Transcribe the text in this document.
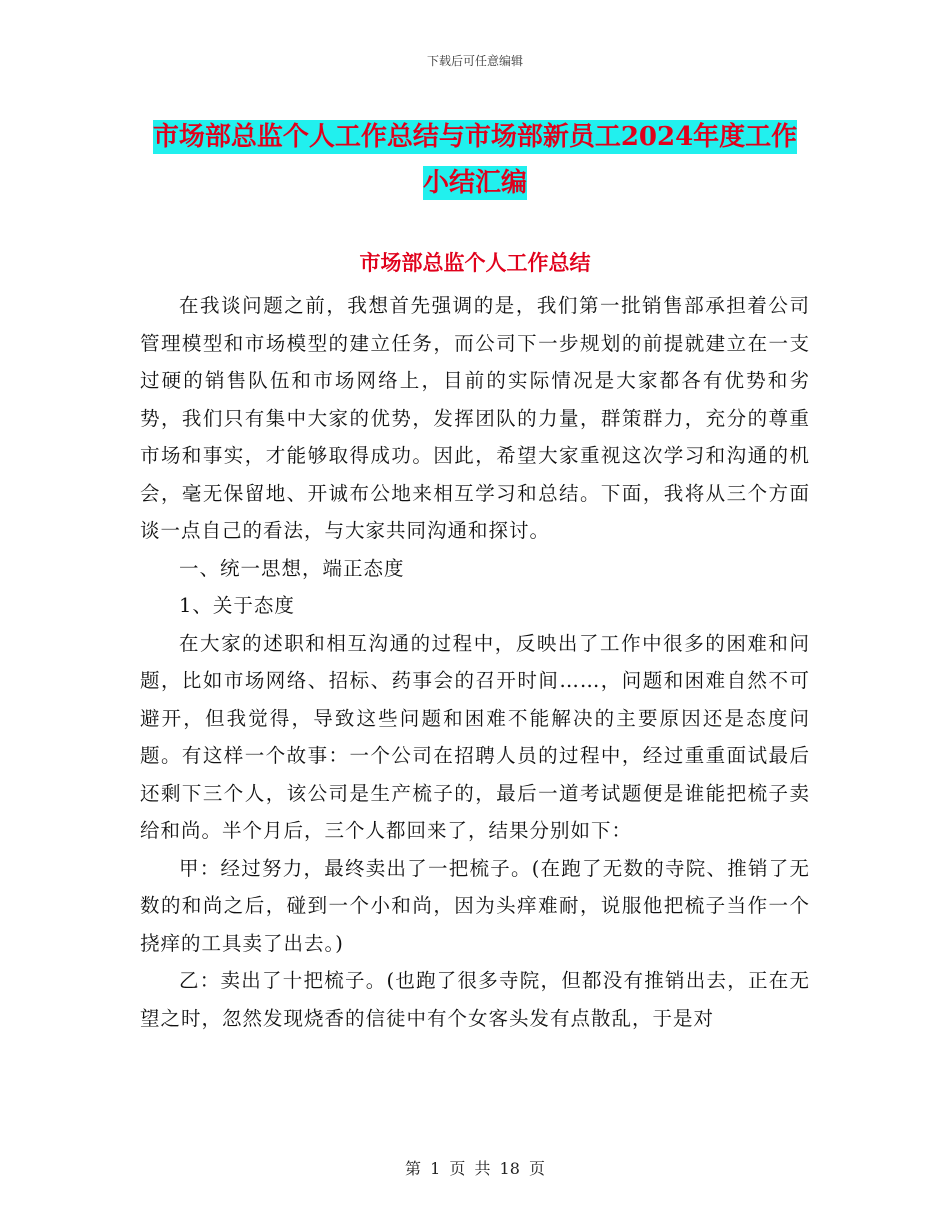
下载后可任意编辑
市场部总监个人工作总结与市场部新员工2024年度工作小结汇编
市场部总监个人工作总结

在我谈问题之前，我想首先强调的是，我们第一批销售部承担着公司管理模型和市场模型的建立任务，而公司下一步规划的前提就建立在一支过硬的销售队伍和市场网络上，目前的实际情况是大家都各有优势和劣势，我们只有集中大家的优势，发挥团队的力量，群策群力，充分的尊重市场和事实，才能够取得成功。因此，希望大家重视这次学习和沟通的机会，毫无保留地、开诚布公地来相互学习和总结。下面，我将从三个方面谈一点自己的看法，与大家共同沟通和探讨。

一、统一思想，端正态度

1、关于态度

在大家的述职和相互沟通的过程中，反映出了工作中很多的困难和问题，比如市场网络、招标、药事会的召开时间……，问题和困难自然不可避开，但我觉得，导致这些问题和困难不能解决的主要原因还是态度问题。有这样一个故事：一个公司在招聘人员的过程中，经过重重面试最后还剩下三个人，该公司是生产梳子的，最后一道考试题便是谁能把梳子卖给和尚。半个月后，三个人都回来了，结果分别如下：

甲：经过努力，最终卖出了一把梳子。(在跑了无数的寺院、推销了无数的和尚之后，碰到一个小和尚，因为头痒难耐，说服他把梳子当作一个挠痒的工具卖了出去。)

乙：卖出了十把梳子。(也跑了很多寺院，但都没有推销出去，正在无望之时，忽然发现烧香的信徒中有个女客头发有点散乱，于是对

第 1 页 共 18 页
